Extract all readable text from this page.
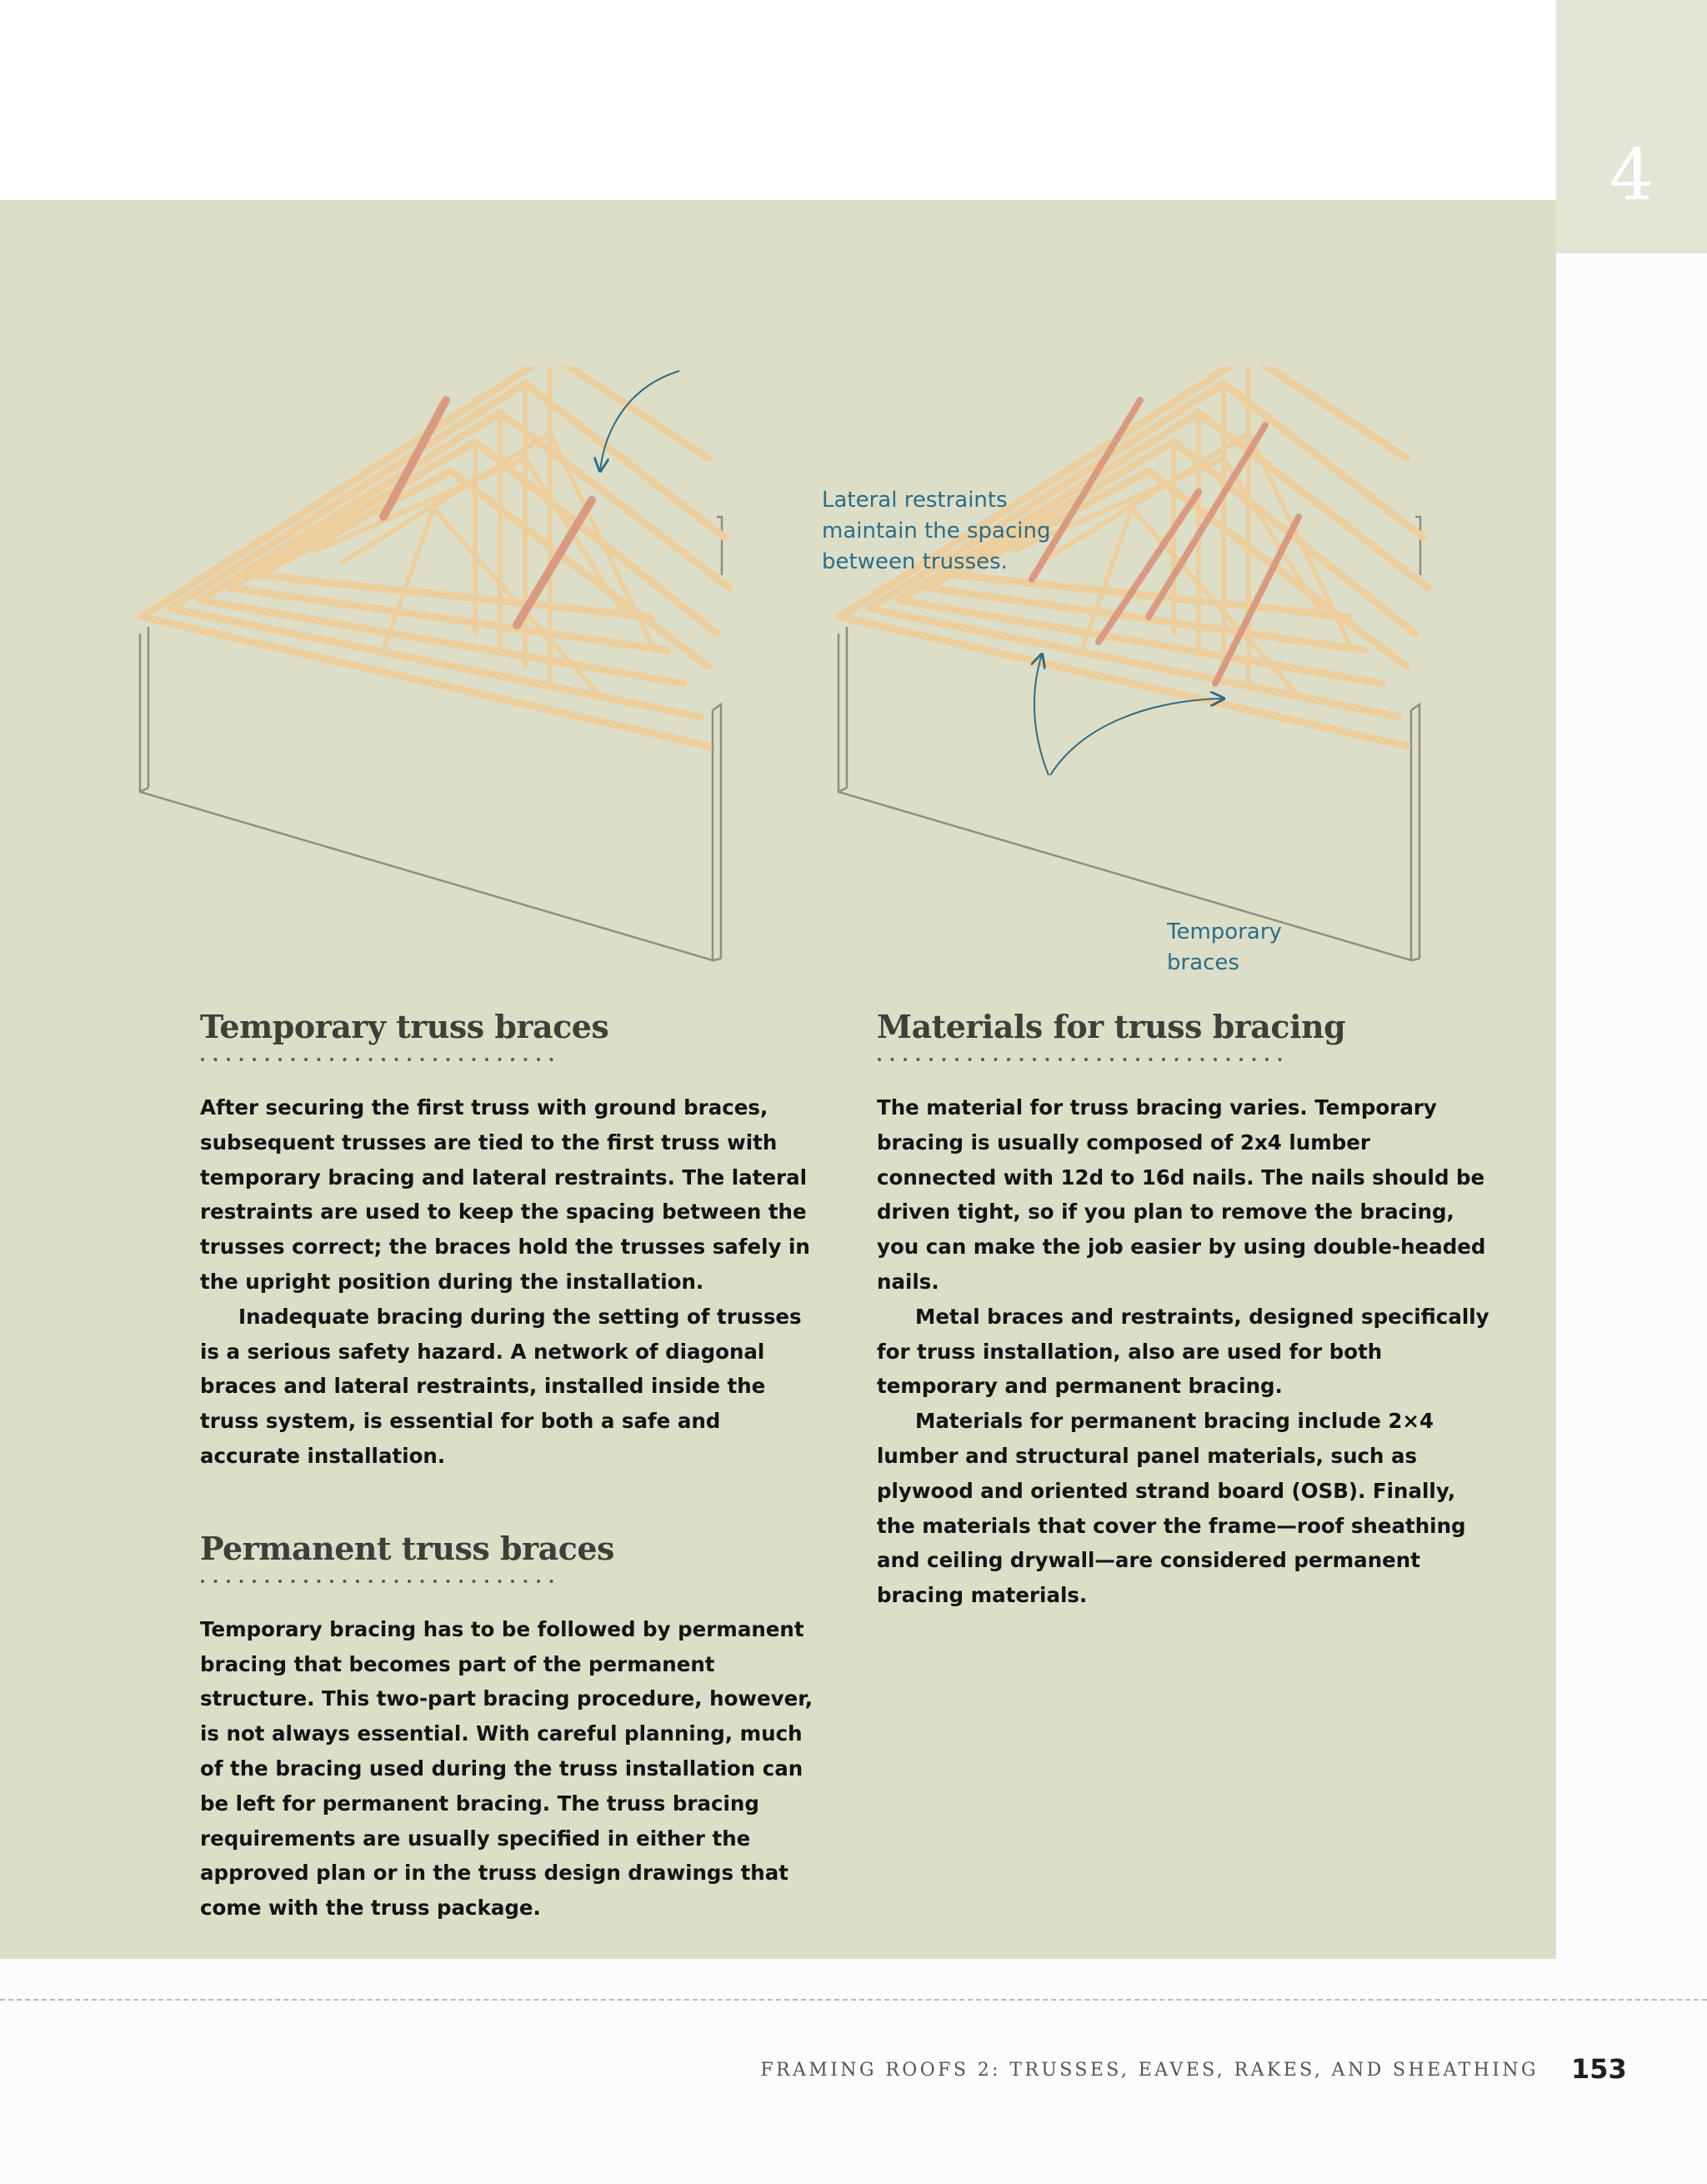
4
Lateral restraints maintain the spacing between trusses.
Temporary braces
Temporary truss braces

After securing the first truss with ground braces, subsequent trusses are tied to the first truss with temporary bracing and lateral restraints. The lateral restraints are used to keep the spacing between the trusses correct; the braces hold the trusses safely in the upright position during the installation.

Inadequate bracing during the setting of trusses is a serious safety hazard. A network of diagonal braces and lateral restraints, installed inside the truss system, is essential for both a safe and accurate installation.

Permanent truss braces

Temporary bracing has to be followed by permanent bracing that becomes part of the permanent structure. This two-part bracing procedure, however, is not always essential. With careful planning, much of the bracing used during the truss installation can be left for permanent bracing. The truss bracing requirements are usually specified in either the approved plan or in the truss design drawings that come with the truss package.

Materials for truss bracing

The material for truss bracing varies. Temporary bracing is usually composed of 2x4 lumber connected with 12d to 16d nails. The nails should be driven tight, so if you plan to remove the bracing, you can make the job easier by using double-headed nails.

Metal braces and restraints, designed specifically for truss installation, also are used for both temporary and permanent bracing.

Materials for permanent bracing include 2×4 lumber and structural panel materials, such as plywood and oriented strand board (OSB). Finally, the materials that cover the frame—roof sheathing and ceiling drywall—are considered permanent bracing materials.

FRAMING ROOFS 2: TRUSSES, EAVES, RAKES, AND SHEATHING 153
